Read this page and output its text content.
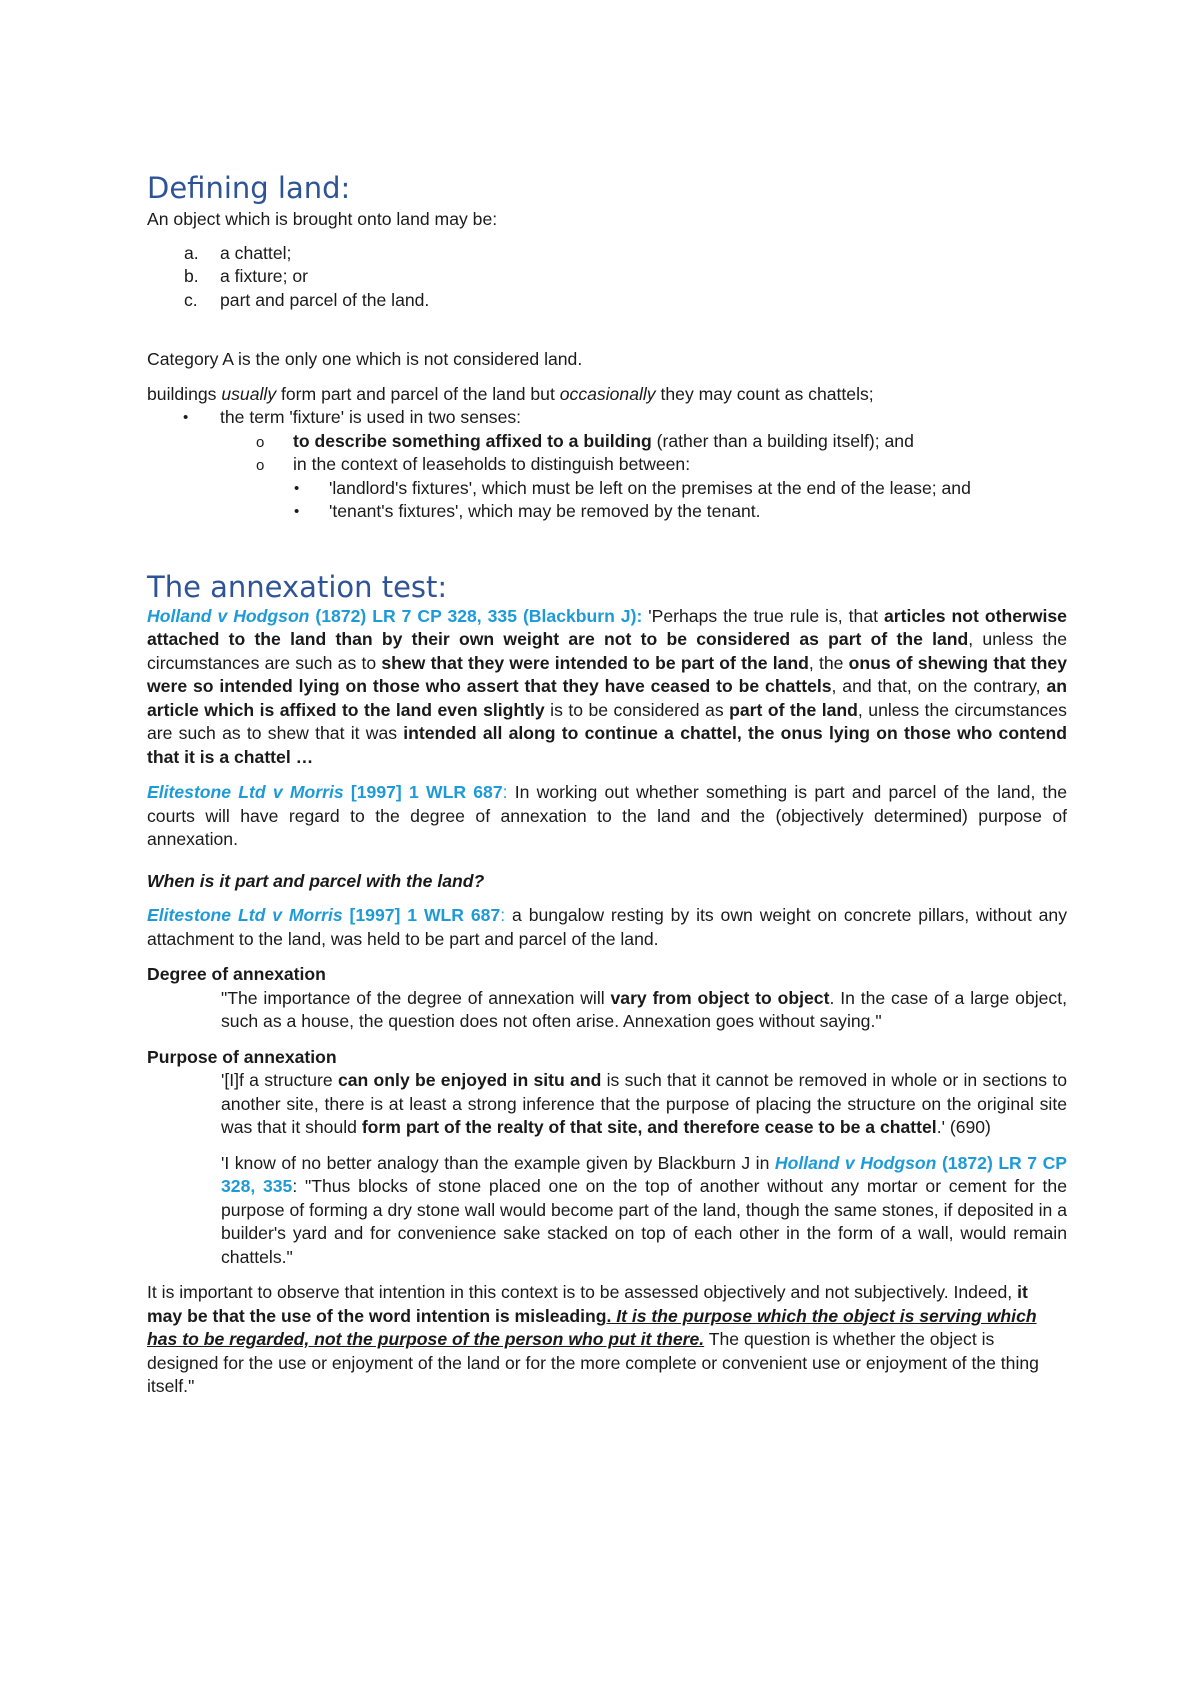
Defining land:

An object which is brought onto land may be:

a. a chattel;
b. a fixture; or
c. part and parcel of the land.

Category A is the only one which is not considered land.

buildings usually form part and parcel of the land but occasionally they may count as chattels;

• the term 'fixture' is used in two senses:
o to describe something affixed to a building (rather than a building itself); and
o in the context of leaseholds to distinguish between:
• 'landlord's fixtures', which must be left on the premises at the end of the lease; and
• 'tenant's fixtures', which may be removed by the tenant.
The annexation test:

Holland v Hodgson (1872) LR 7 CP 328, 335 (Blackburn J): 'Perhaps the true rule is, that articles not otherwise attached to the land than by their own weight are not to be considered as part of the land, unless the circumstances are such as to shew that they were intended to be part of the land, the onus of shewing that they were so intended lying on those who assert that they have ceased to be chattels, and that, on the contrary, an article which is affixed to the land even slightly is to be considered as part of the land, unless the circumstances are such as to shew that it was intended all along to continue a chattel, the onus lying on those who contend that it is a chattel …

Elitestone Ltd v Morris [1997] 1 WLR 687: In working out whether something is part and parcel of the land, the courts will have regard to the degree of annexation to the land and the (objectively determined) purpose of annexation.

When is it part and parcel with the land?

Elitestone Ltd v Morris [1997] 1 WLR 687: a bungalow resting by its own weight on concrete pillars, without any attachment to the land, was held to be part and parcel of the land.

Degree of annexation

"The importance of the degree of annexation will vary from object to object. In the case of a large object, such as a house, the question does not often arise. Annexation goes without saying."

Purpose of annexation

'[I]f a structure can only be enjoyed in situ and is such that it cannot be removed in whole or in sections to another site, there is at least a strong inference that the purpose of placing the structure on the original site was that it should form part of the realty of that site, and therefore cease to be a chattel.' (690)

'I know of no better analogy than the example given by Blackburn J in Holland v Hodgson (1872) LR 7 CP 328, 335: "Thus blocks of stone placed one on the top of another without any mortar or cement for the purpose of forming a dry stone wall would become part of the land, though the same stones, if deposited in a builder's yard and for convenience sake stacked on top of each other in the form of a wall, would remain chattels."

It is important to observe that intention in this context is to be assessed objectively and not subjectively. Indeed, it may be that the use of the word intention is misleading. It is the purpose which the object is serving which has to be regarded, not the purpose of the person who put it there. The question is whether the object is designed for the use or enjoyment of the land or for the more complete or convenient use or enjoyment of the thing itself."
